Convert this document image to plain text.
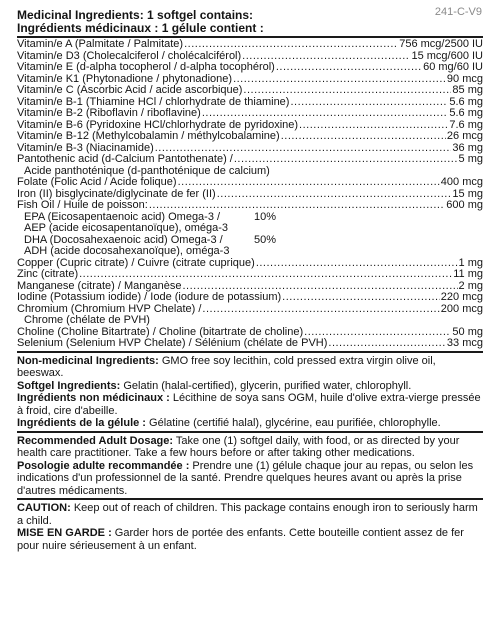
241-C-V9
Medicinal Ingredients: 1 softgel contains:
Ingrédients médicinaux : 1 gélule contient :
Vitamin/e A (Palmitate / Palmitate) .....	756 mcg/2500 IU
Vitamin/e D3 (Cholecalciferol / cholécalciférol) .....	15 mcg/600 IU
Vitamin/e E (d-alpha tocopherol / d-alpha tocophérol) .....	60 mg/60 IU
Vitamin/e K1 (Phytonadione / phytonadione) .....	90 mcg
Vitamin/e C (Ascorbic Acid / acide ascorbique) .....	85 mg
Vitamin/e B-1 (Thiamine HCl / chlorhydrate de thiamine) .....	5.6 mg
Vitamin/e B-2 (Riboflavin / riboflavine) .....	5.6 mg
Vitamin/e B-6 (Pyridoxine HCl/chlorhydrate de pyridoxine) .....	7.6 mg
Vitamin/e B-12 (Methylcobalamin / méthylcobalamine) .....	26 mcg
Vitamin/e B-3 (Niacinamide) .....	36 mg
Pantothenic acid (d-Calcium Pantothenate) / .....	5 mg
Acide panthoténique (d-panthoténique de calcium)
Folate (Folic Acid / Acide folique) .....	400 mcg
Iron (II) bisglycinate/diglycinate de fer (II) .....	15 mg
Fish Oil / Huile de poisson: .....	600 mg
EPA (Eicosapentaenoic acid) Omega-3 /	10%
AEP (acide eicosapentanoïque), oméga-3
DHA (Docosahexaenoic acid) Omega-3 /	50%
ADH (acide docosahexanoïque), oméga-3
Copper (Cupric citrate) / Cuivre (citrate cuprique) .....	1 mg
Zinc (citrate) .....	11 mg
Manganese (citrate) / Manganèse .....	2 mg
Iodine (Potassium iodide) / Iode (iodure de potassium) .....	220 mcg
Chromium (Chromium HVP Chelate) / .....	200 mcg
Chrome (chélate de PVH)
Choline (Choline Bitartrate) / Choline (bitartrate de choline) .....	50 mg
Selenium (Selenium HVP Chelate) / Sélénium (chélate de PVH) .....	33 mcg

Non-medicinal Ingredients: GMO free soy lecithin, cold pressed extra virgin olive oil, beeswax.

Softgel Ingredients: Gelatin (halal-certified), glycerin, purified water, chlorophyll.

Ingrédients non médicinaux : Lécithine de soya sans OGM, huile d'olive extra-vierge pressée à froid, cire d'abeille.

Ingrédients de la gélule : Gélatine (certifié halal), glycérine, eau purifiée, chlorophylle.

Recommended Adult Dosage: Take one (1) softgel daily, with food, or as directed by your health care practitioner. Take a few hours before or after taking other medications.

Posologie adulte recommandée : Prendre une (1) gélule chaque jour au repas, ou selon les indications d'un professionnel de la santé. Prendre quelques heures avant ou après la prise d'autres médicaments.

CAUTION: Keep out of reach of children. This package contains enough iron to seriously harm a child.

MISE EN GARDE : Garder hors de portée des enfants. Cette bouteille contient assez de fer pour nuire sérieusement à un enfant.
